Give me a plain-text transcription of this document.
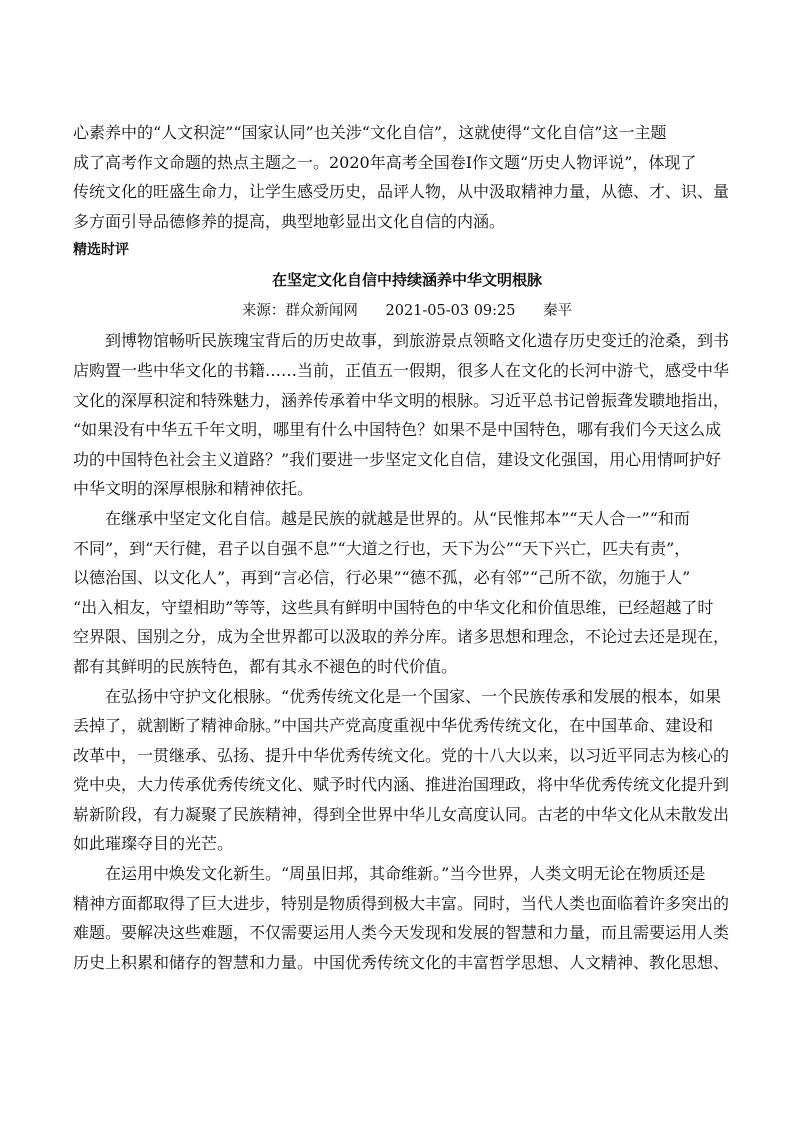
心素养中的“人文积淀”“国家认同”也关涉“文化自信”，这就使得“文化自信”这一主题
成了高考作文命题的热点主题之一。2020年高考全国卷Ⅰ作文题“历史人物评说”，体现了
传统文化的旺盛生命力，让学生感受历史，品评人物，从中汲取精神力量，从德、才、识、量
多方面引导品德修养的提高，典型地彰显出文化自信的内涵。
精选时评
在坚定文化自信中持续涵养中华文明根脉
来源：群众新闻网 2021-05-03 09:25 秦平
到博物馆畅听民族瑰宝背后的历史故事，到旅游景点领略文化遗存历史变迁的沧桑，到书
店购置一些中华文化的书籍……当前，正值五一假期，很多人在文化的长河中游弋，感受中华
文化的深厚积淀和特殊魅力，涵养传承着中华文明的根脉。习近平总书记曾振聋发聩地指出，
“如果没有中华五千年文明，哪里有什么中国特色？如果不是中国特色，哪有我们今天这么成
功的中国特色社会主义道路？”我们要进一步坚定文化自信，建设文化强国，用心用情呵护好
中华文明的深厚根脉和精神依托。
在继承中坚定文化自信。越是民族的就越是世界的。从“民惟邦本”“天人合一”“和而
不同”，到“天行健，君子以自强不息”“大道之行也，天下为公”“天下兴亡，匹夫有责”，
以德治国、以文化人”，再到“言必信，行必果”“德不孤，必有邻”“己所不欲，勿施于人”
“出入相友，守望相助”等等，这些具有鲜明中国特色的中华文化和价值思维，已经超越了时
空界限、国别之分，成为全世界都可以汲取的养分库。诸多思想和理念，不论过去还是现在，
都有其鲜明的民族特色，都有其永不褪色的时代价值。
在弘扬中守护文化根脉。“优秀传统文化是一个国家、一个民族传承和发展的根本，如果
丢掉了，就割断了精神命脉。”中国共产党高度重视中华优秀传统文化，在中国革命、建设和
改革中，一贯继承、弘扬、提升中华优秀传统文化。党的十八大以来，以习近平同志为核心的
党中央，大力传承优秀传统文化、赋予时代内涵、推进治国理政，将中华优秀传统文化提升到
崭新阶段，有力凝聚了民族精神，得到全世界中华儿女高度认同。古老的中华文化从未散发出
如此璀璨夺目的光芒。
在运用中焕发文化新生。“周虽旧邦，其命维新。”当今世界，人类文明无论在物质还是
精神方面都取得了巨大进步，特别是物质得到极大丰富。同时，当代人类也面临着许多突出的
难题。要解决这些难题，不仅需要运用人类今天发现和发展的智慧和力量，而且需要运用人类
历史上积累和储存的智慧和力量。中国优秀传统文化的丰富哲学思想、人文精神、教化思想、
